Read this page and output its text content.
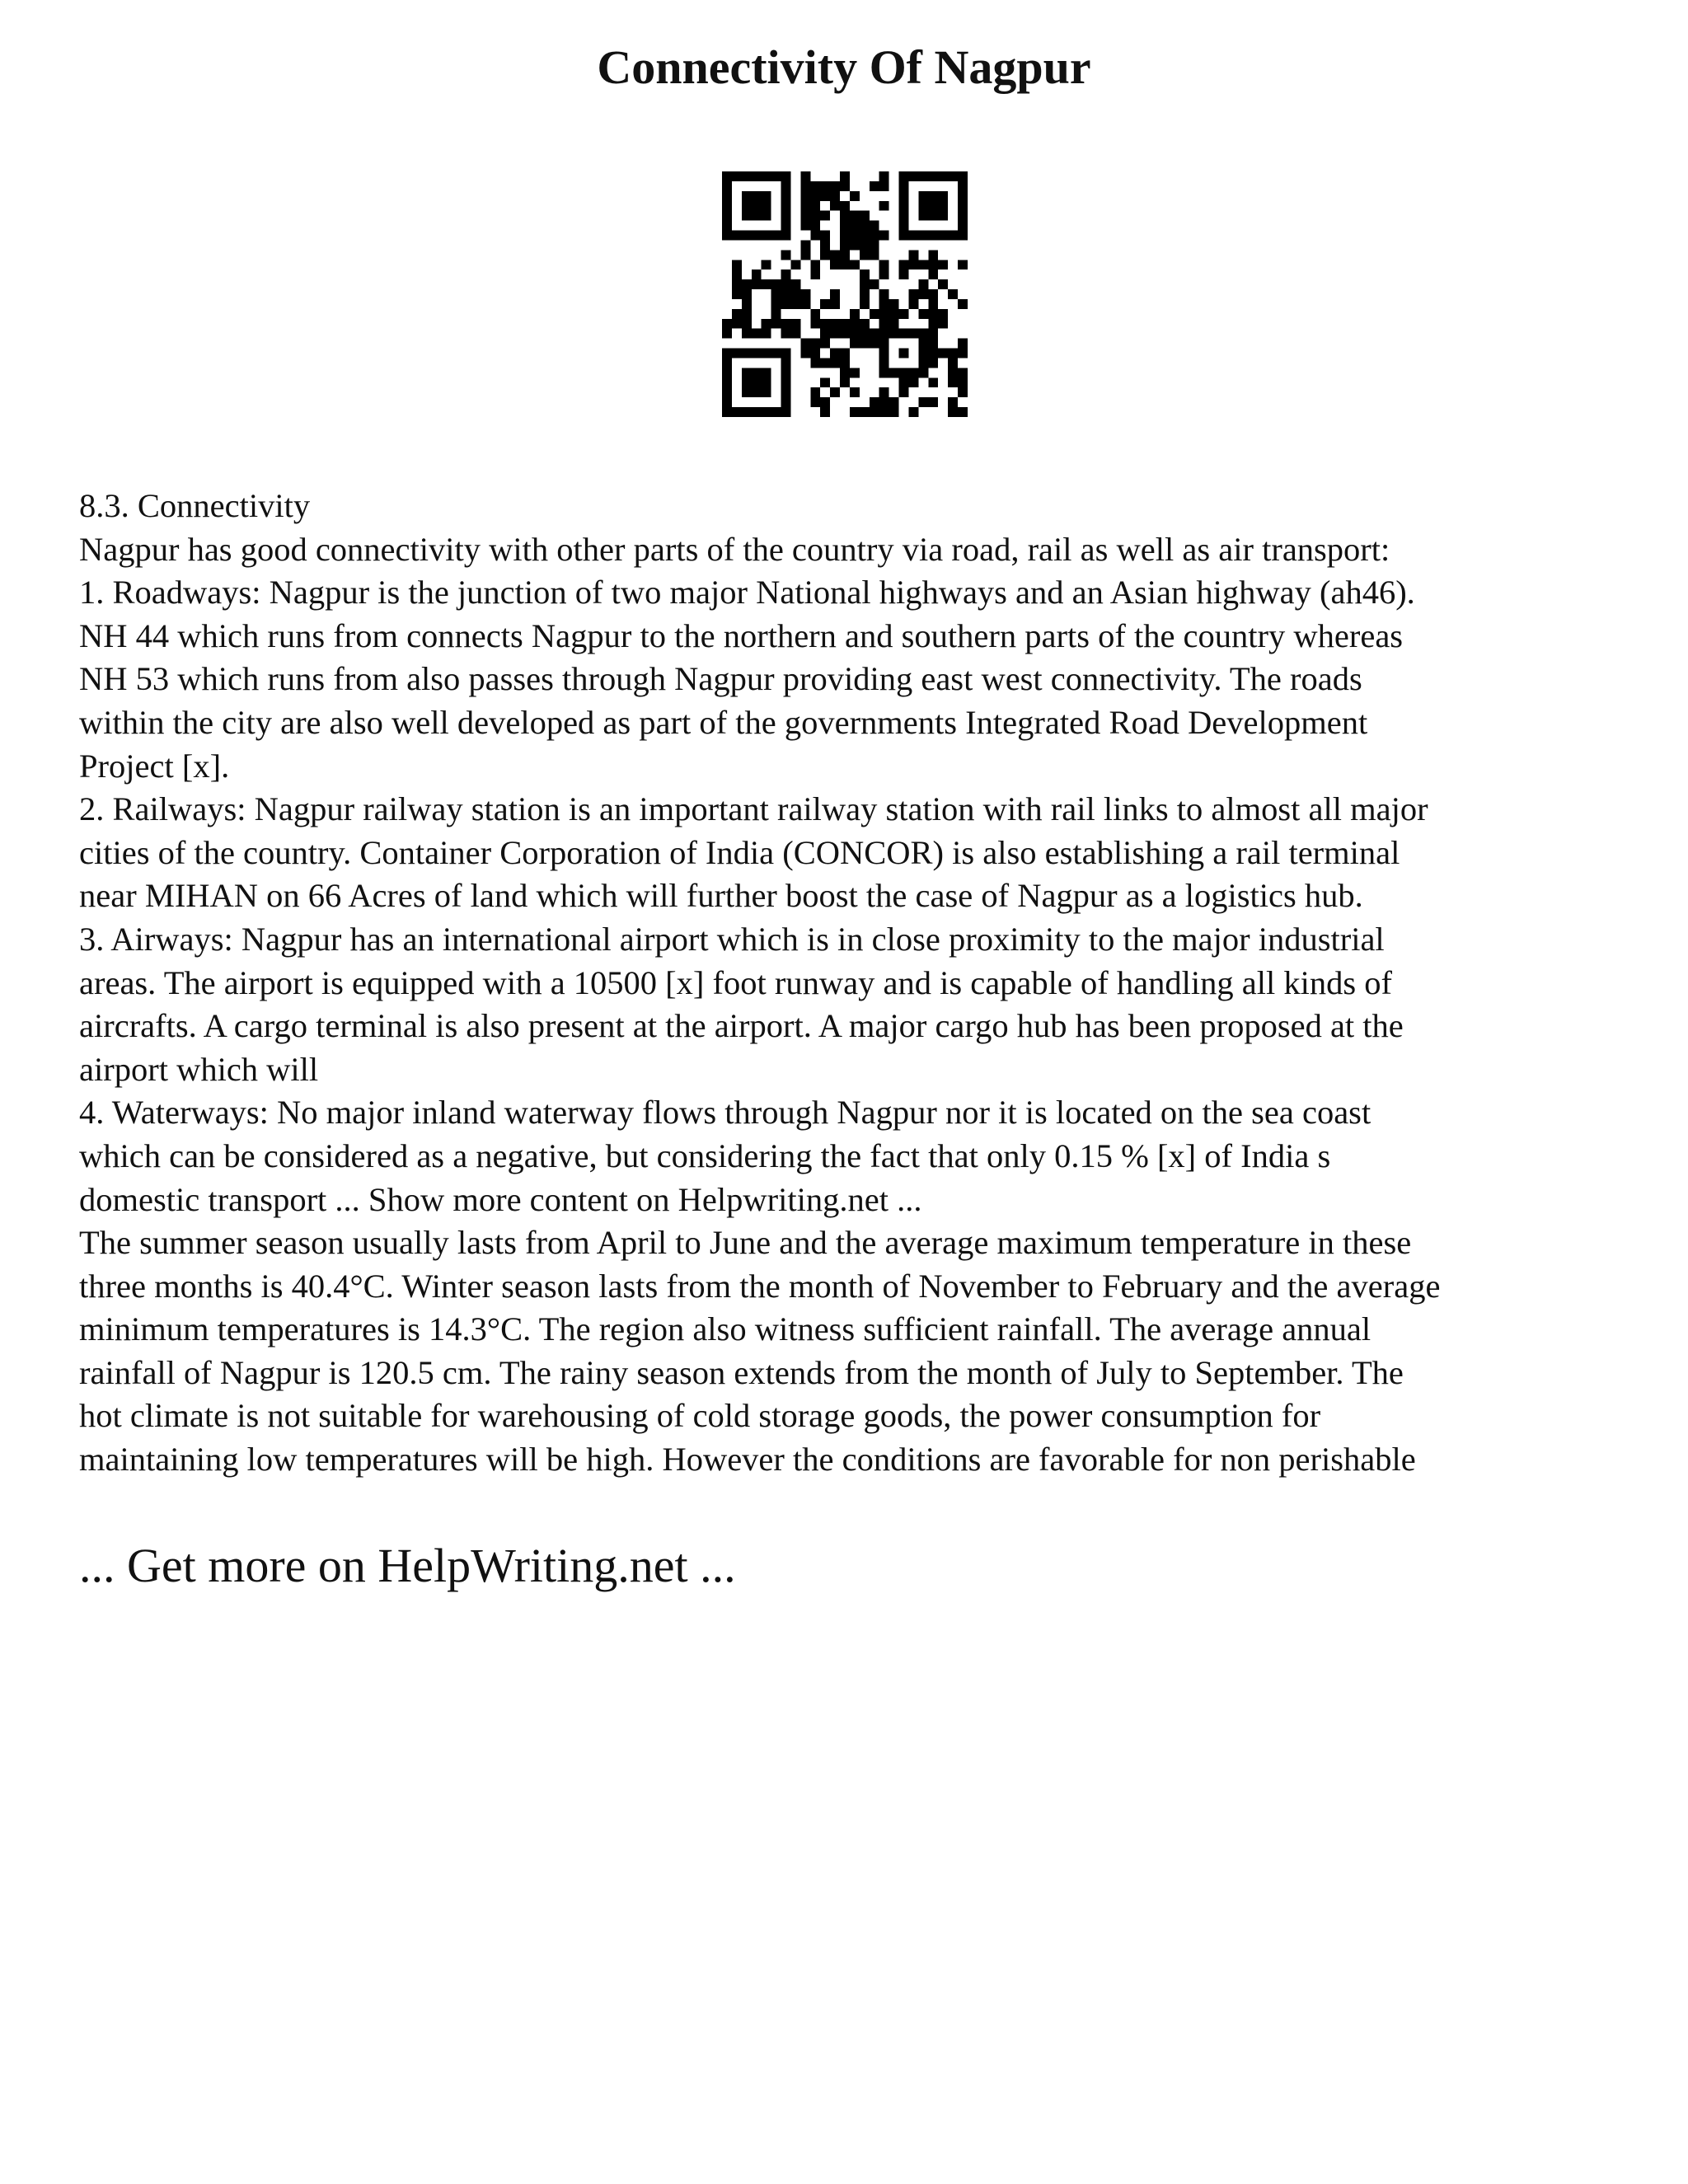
Connectivity Of Nagpur
8.3. Connectivity
Nagpur has good connectivity with other parts of the country via road, rail as well as air transport:
1. Roadways: Nagpur is the junction of two major National highways and an Asian highway (ah46).
NH 44 which runs from connects Nagpur to the northern and southern parts of the country whereas
NH 53 which runs from also passes through Nagpur providing east west connectivity. The roads
within the city are also well developed as part of the governments Integrated Road Development
Project [x].
2. Railways: Nagpur railway station is an important railway station with rail links to almost all major
cities of the country. Container Corporation of India (CONCOR) is also establishing a rail terminal
near MIHAN on 66 Acres of land which will further boost the case of Nagpur as a logistics hub.
3. Airways: Nagpur has an international airport which is in close proximity to the major industrial
areas. The airport is equipped with a 10500 [x] foot runway and is capable of handling all kinds of
aircrafts. A cargo terminal is also present at the airport. A major cargo hub has been proposed at the
airport which will
4. Waterways: No major inland waterway flows through Nagpur nor it is located on the sea coast
which can be considered as a negative, but considering the fact that only 0.15 % [x] of India s
domestic transport ... Show more content on Helpwriting.net ...
The summer season usually lasts from April to June and the average maximum temperature in these
three months is 40.4°C. Winter season lasts from the month of November to February and the average
minimum temperatures is 14.3°C. The region also witness sufficient rainfall. The average annual
rainfall of Nagpur is 120.5 cm. The rainy season extends from the month of July to September. The
hot climate is not suitable for warehousing of cold storage goods, the power consumption for
maintaining low temperatures will be high. However the conditions are favorable for non perishable
... Get more on HelpWriting.net ...
